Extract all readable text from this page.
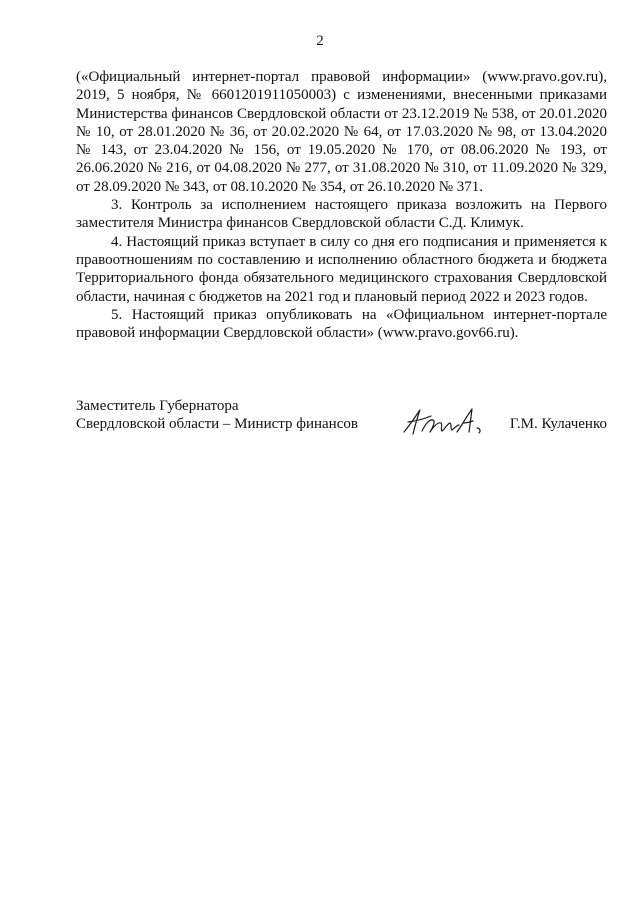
2

(«Официальный интернет-портал правовой информации» (www.pravo.gov.ru), 2019, 5 ноября, № 6601201911050003) с изменениями, внесенными приказами Министерства финансов Свердловской области от 23.12.2019 № 538, от 20.01.2020 № 10, от 28.01.2020 № 36, от 20.02.2020 № 64, от 17.03.2020 № 98, от 13.04.2020 № 143, от 23.04.2020 № 156, от 19.05.2020 № 170, от 08.06.2020 № 193, от 26.06.2020 № 216, от 04.08.2020 № 277, от 31.08.2020 № 310, от 11.09.2020 № 329, от 28.09.2020 № 343, от 08.10.2020 № 354, от 26.10.2020 № 371.

3. Контроль за исполнением настоящего приказа возложить на Первого заместителя Министра финансов Свердловской области С.Д. Климук.

4. Настоящий приказ вступает в силу со дня его подписания и применяется к правоотношениям по составлению и исполнению областного бюджета и бюджета Территориального фонда обязательного медицинского страхования Свердловской области, начиная с бюджетов на 2021 год и плановый период 2022 и 2023 годов.

5. Настоящий приказ опубликовать на «Официальном интернет-портале правовой информации Свердловской области» (www.pravo.gov66.ru).

Заместитель Губернатора
Свердловской области – Министр финансов	Г.М. Кулаченко
